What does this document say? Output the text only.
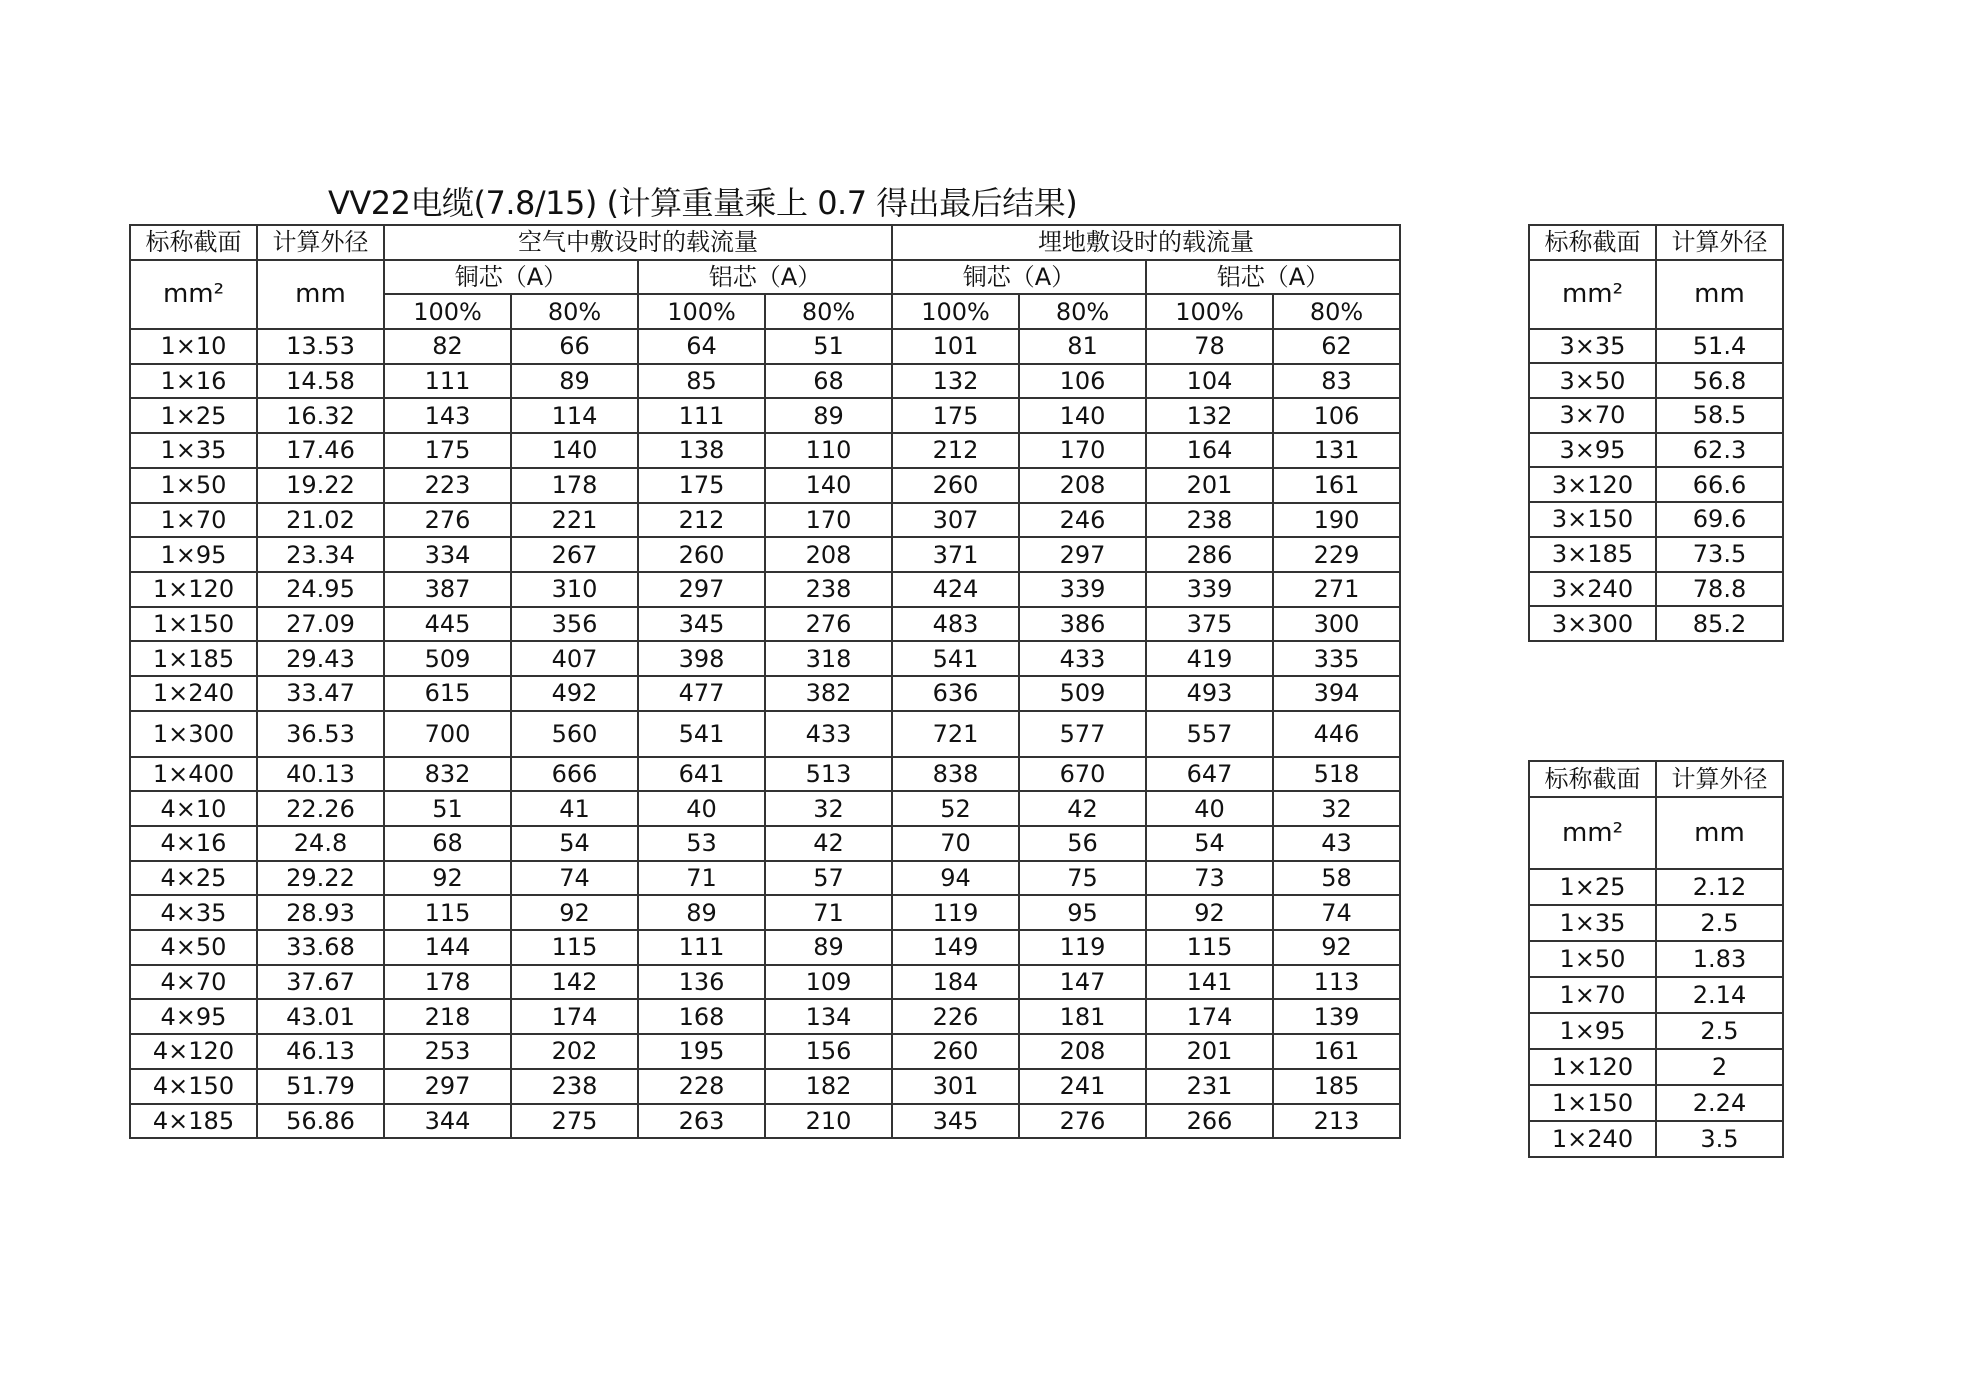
VV22电缆(7.8/15) (计算重量乘上 0.7 得出最后结果)
标称截面	计算外径	空气中敷设时的载流量				埋地敷设时的载流量			
mm²	mm	铜芯（A）		铝芯（A）		铜芯（A）		铝芯（A）	
		100%	80%	100%	80%	100%	80%	100%	80%
1×10	13.53	82	66	64	51	101	81	78	62
1×16	14.58	111	89	85	68	132	106	104	83
1×25	16.32	143	114	111	89	175	140	132	106
1×35	17.46	175	140	138	110	212	170	164	131
1×50	19.22	223	178	175	140	260	208	201	161
1×70	21.02	276	221	212	170	307	246	238	190
1×95	23.34	334	267	260	208	371	297	286	229
1×120	24.95	387	310	297	238	424	339	339	271
1×150	27.09	445	356	345	276	483	386	375	300
1×185	29.43	509	407	398	318	541	433	419	335
1×240	33.47	615	492	477	382	636	509	493	394
1×300	36.53	700	560	541	433	721	577	557	446
1×400	40.13	832	666	641	513	838	670	647	518
4×10	22.26	51	41	40	32	52	42	40	32
4×16	24.8	68	54	53	42	70	56	54	43
4×25	29.22	92	74	71	57	94	75	73	58
4×35	28.93	115	92	89	71	119	95	92	74
4×50	33.68	144	115	111	89	149	119	115	92
4×70	37.67	178	142	136	109	184	147	141	113
4×95	43.01	218	174	168	134	226	181	174	139
4×120	46.13	253	202	195	156	260	208	201	161
4×150	51.79	297	238	228	182	301	241	231	185
4×185	56.86	344	275	263	210	345	276	266	213
标称截面	计算外径
mm²	mm
3×35	51.4
3×50	56.8
3×70	58.5
3×95	62.3
3×120	66.6
3×150	69.6
3×185	73.5
3×240	78.8
3×300	85.2
标称截面	计算外径
mm²	mm
1×25	2.12
1×35	2.5
1×50	1.83
1×70	2.14
1×95	2.5
1×120	2
1×150	2.24
1×240	3.5
